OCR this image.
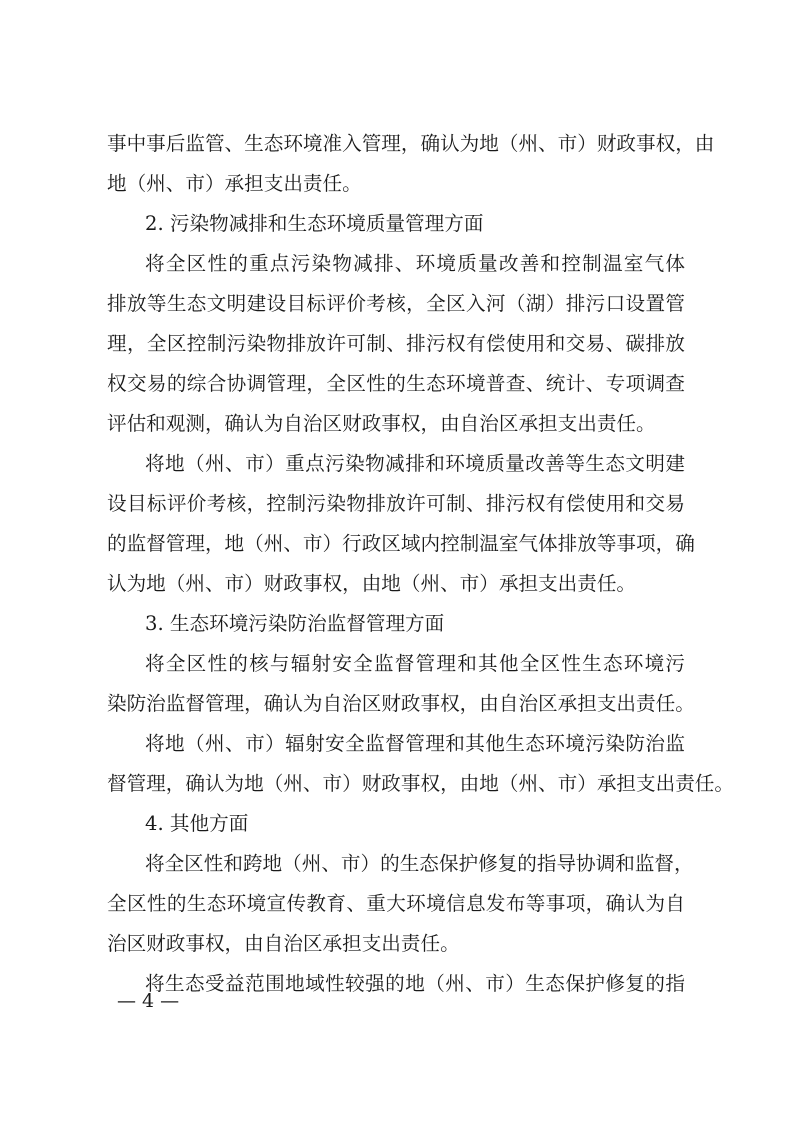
事中事后监管、生态环境准入管理，确认为地（州、市）财政事权，由
地（州、市）承担支出责任。
2. 污染物减排和生态环境质量管理方面
将全区性的重点污染物减排、环境质量改善和控制温室气体
排放等生态文明建设目标评价考核，全区入河（湖）排污口设置管
理，全区控制污染物排放许可制、排污权有偿使用和交易、碳排放
权交易的综合协调管理，全区性的生态环境普查、统计、专项调查
评估和观测，确认为自治区财政事权，由自治区承担支出责任。
将地（州、市）重点污染物减排和环境质量改善等生态文明建
设目标评价考核，控制污染物排放许可制、排污权有偿使用和交易
的监督管理，地（州、市）行政区域内控制温室气体排放等事项，确
认为地（州、市）财政事权，由地（州、市）承担支出责任。
3. 生态环境污染防治监督管理方面
将全区性的核与辐射安全监督管理和其他全区性生态环境污
染防治监督管理，确认为自治区财政事权，由自治区承担支出责任。
将地（州、市）辐射安全监督管理和其他生态环境污染防治监
督管理，确认为地（州、市）财政事权，由地（州、市）承担支出责任。
4. 其他方面
将全区性和跨地（州、市）的生态保护修复的指导协调和监督，
全区性的生态环境宣传教育、重大环境信息发布等事项，确认为自
治区财政事权，由自治区承担支出责任。
将生态受益范围地域性较强的地（州、市）生态保护修复的指
— 4 —
